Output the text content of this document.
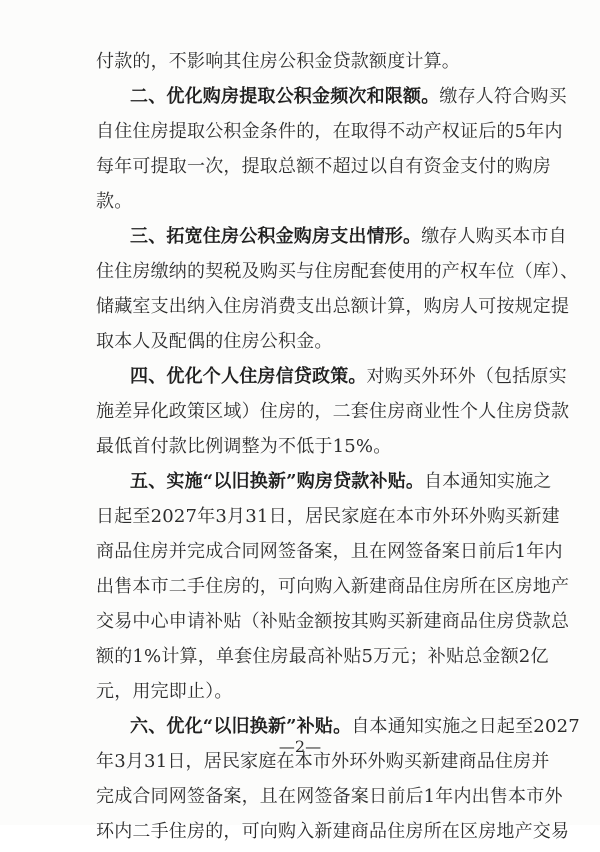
付款的，不影响其住房公积金贷款额度计算。
二、优化购房提取公积金频次和限额。缴存人符合购买
自住住房提取公积金条件的，在取得不动产权证后的5年内
每年可提取一次，提取总额不超过以自有资金支付的购房
款。
三、拓宽住房公积金购房支出情形。缴存人购买本市自
住住房缴纳的契税及购买与住房配套使用的产权车位（库）、
储藏室支出纳入住房消费支出总额计算，购房人可按规定提
取本人及配偶的住房公积金。
四、优化个人住房信贷政策。对购买外环外（包括原实
施差异化政策区域）住房的，二套住房商业性个人住房贷款
最低首付款比例调整为不低于15%。
五、实施“以旧换新”购房贷款补贴。自本通知实施之
日起至2027年3月31日，居民家庭在本市外环外购买新建
商品住房并完成合同网签备案，且在网签备案日前后1年内
出售本市二手住房的，可向购入新建商品住房所在区房地产
交易中心申请补贴（补贴金额按其购买新建商品住房贷款总
额的1%计算，单套住房最高补贴5万元；补贴总金额2亿
元，用完即止）。
六、优化“以旧换新”补贴。自本通知实施之日起至2027
年3月31日，居民家庭在本市外环外购买新建商品住房并
完成合同网签备案，且在网签备案日前后1年内出售本市外
环内二手住房的，可向购入新建商品住房所在区房地产交易
—2—
